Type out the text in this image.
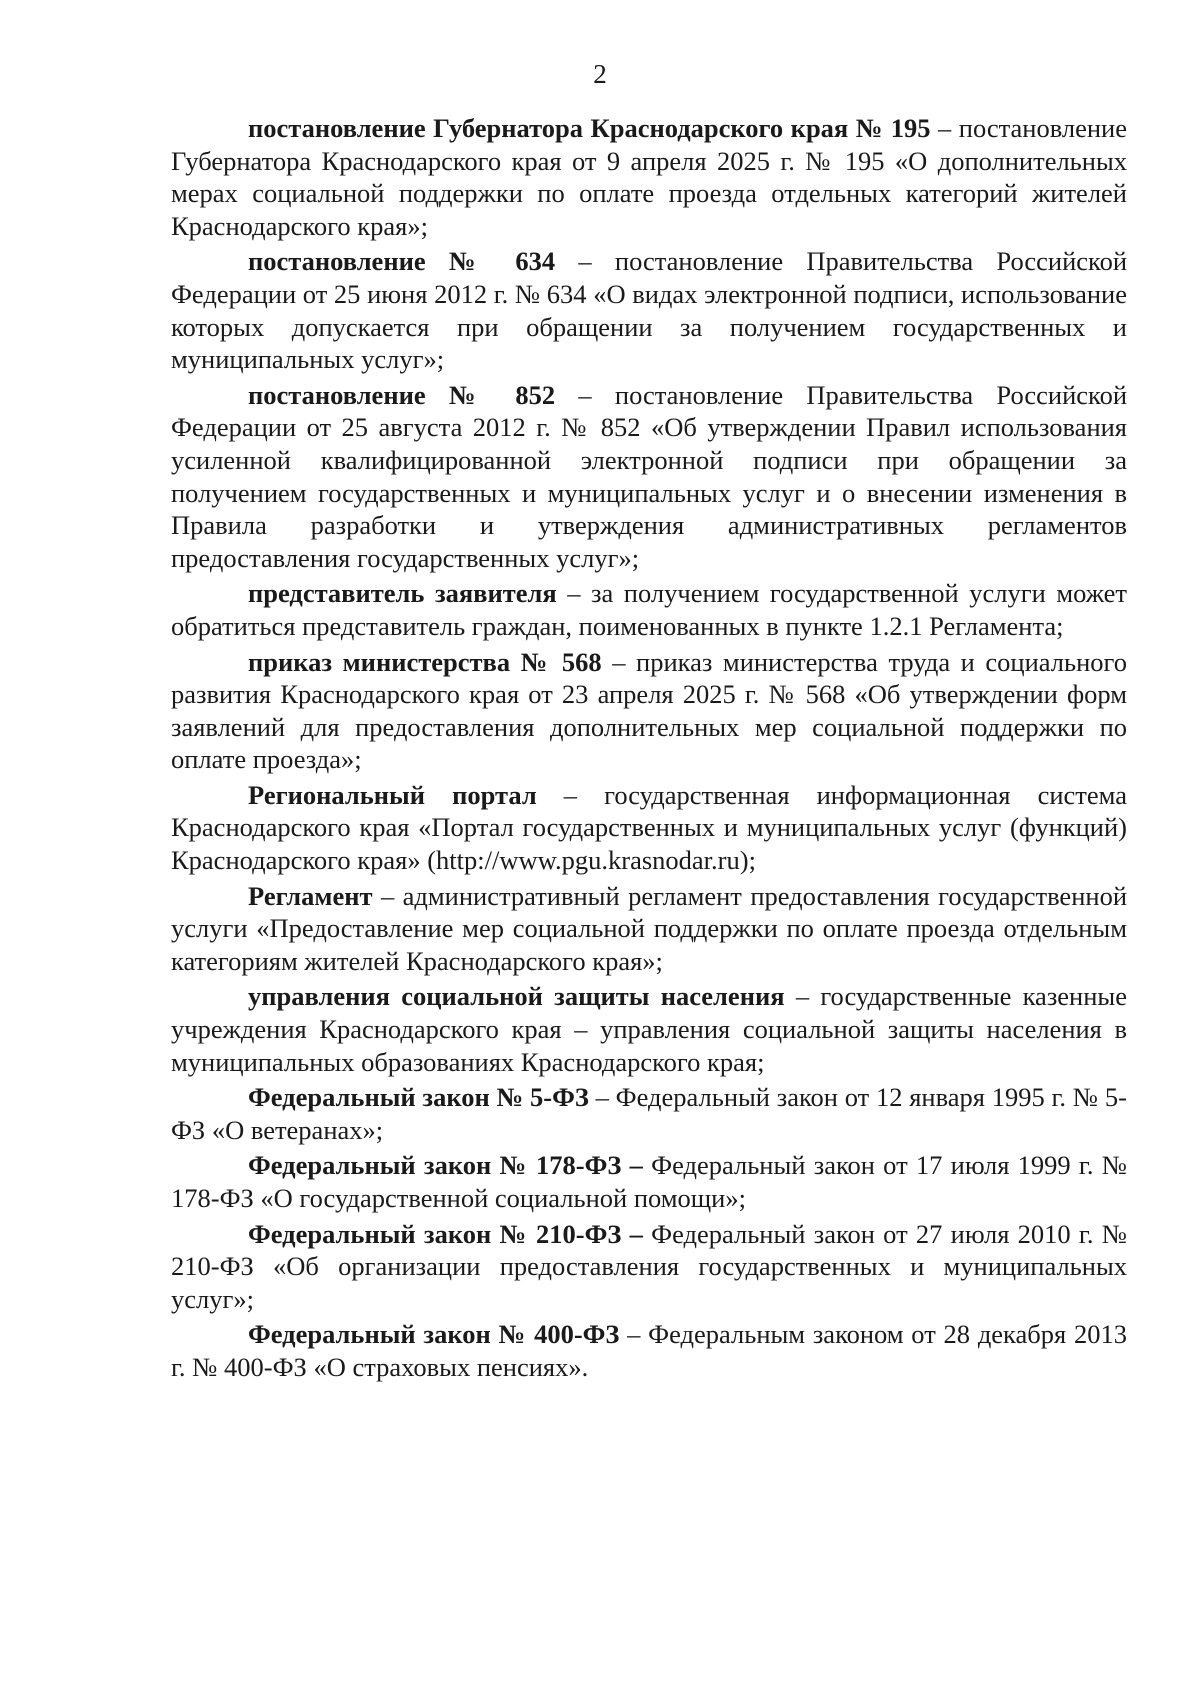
2

постановление Губернатора Краснодарского края № 195 – постановление Губернатора Краснодарского края от 9 апреля 2025 г. № 195 «О дополнительных мерах социальной поддержки по оплате проезда отдельных категорий жителей Краснодарского края»;

постановление № 634 – постановление Правительства Российской Федерации от 25 июня 2012 г. № 634 «О видах электронной подписи, использование которых допускается при обращении за получением государственных и муниципальных услуг»;

постановление № 852 – постановление Правительства Российской Федерации от 25 августа 2012 г. № 852 «Об утверждении Правил использования усиленной квалифицированной электронной подписи при обращении за получением государственных и муниципальных услуг и о внесении изменения в Правила разработки и утверждения административных регламентов предоставления государственных услуг»;

представитель заявителя – за получением государственной услуги может обратиться представитель граждан, поименованных в пункте 1.2.1 Регламента;

приказ министерства № 568 – приказ министерства труда и социального развития Краснодарского края от 23 апреля 2025 г. № 568 «Об утверждении форм заявлений для предоставления дополнительных мер социальной поддержки по оплате проезда»;

Региональный портал – государственная информационная система Краснодарского края «Портал государственных и муниципальных услуг (функций) Краснодарского края» (http://www.pgu.krasnodar.ru);

Регламент – административный регламент предоставления государственной услуги «Предоставление мер социальной поддержки по оплате проезда отдельным категориям жителей Краснодарского края»;

управления социальной защиты населения – государственные казенные учреждения Краснодарского края – управления социальной защиты населения в муниципальных образованиях Краснодарского края;

Федеральный закон № 5-ФЗ – Федеральный закон от 12 января 1995 г. № 5-ФЗ «О ветеранах»;

Федеральный закон № 178-ФЗ – Федеральный закон от 17 июля 1999 г. № 178-ФЗ «О государственной социальной помощи»;

Федеральный закон № 210-ФЗ – Федеральный закон от 27 июля 2010 г. № 210-ФЗ «Об организации предоставления государственных и муниципальных услуг»;

Федеральный закон № 400-ФЗ – Федеральным законом от 28 декабря 2013 г. № 400-ФЗ «О страховых пенсиях».
